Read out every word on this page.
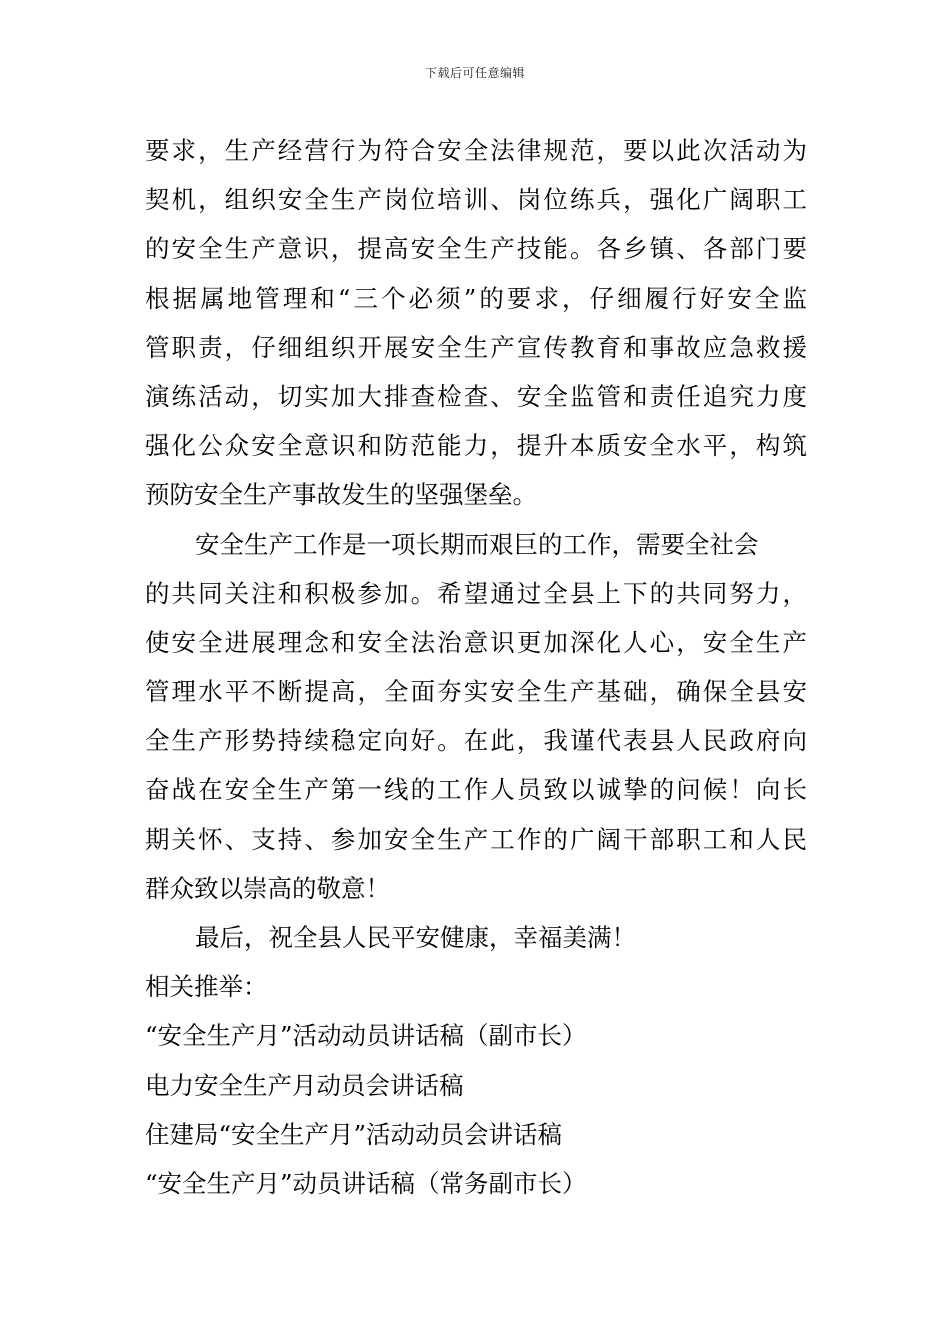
下载后可任意编辑
要求，生产经营行为符合安全法律规范，要以此次活动为
契机，组织安全生产岗位培训、岗位练兵，强化广阔职工
的安全生产意识，提高安全生产技能。各乡镇、各部门要
根据属地管理和“三个必须”的要求，仔细履行好安全监
管职责，仔细组织开展安全生产宣传教育和事故应急救援
演练活动，切实加大排查检查、安全监管和责任追究力度
强化公众安全意识和防范能力，提升本质安全水平，构筑
预防安全生产事故发生的坚强堡垒。
安全生产工作是一项长期而艰巨的工作，需要全社会
的共同关注和积极参加。希望通过全县上下的共同努力，
使安全进展理念和安全法治意识更加深化人心，安全生产
管理水平不断提高，全面夯实安全生产基础，确保全县安
全生产形势持续稳定向好。在此，我谨代表县人民政府向
奋战在安全生产第一线的工作人员致以诚挚的问候！向长
期关怀、支持、参加安全生产工作的广阔干部职工和人民
群众致以崇高的敬意！
最后，祝全县人民平安健康，幸福美满！
相关推举：
“安全生产月”活动动员讲话稿（副市长）
电力安全生产月动员会讲话稿
住建局“安全生产月”活动动员会讲话稿
“安全生产月”动员讲话稿（常务副市长）
